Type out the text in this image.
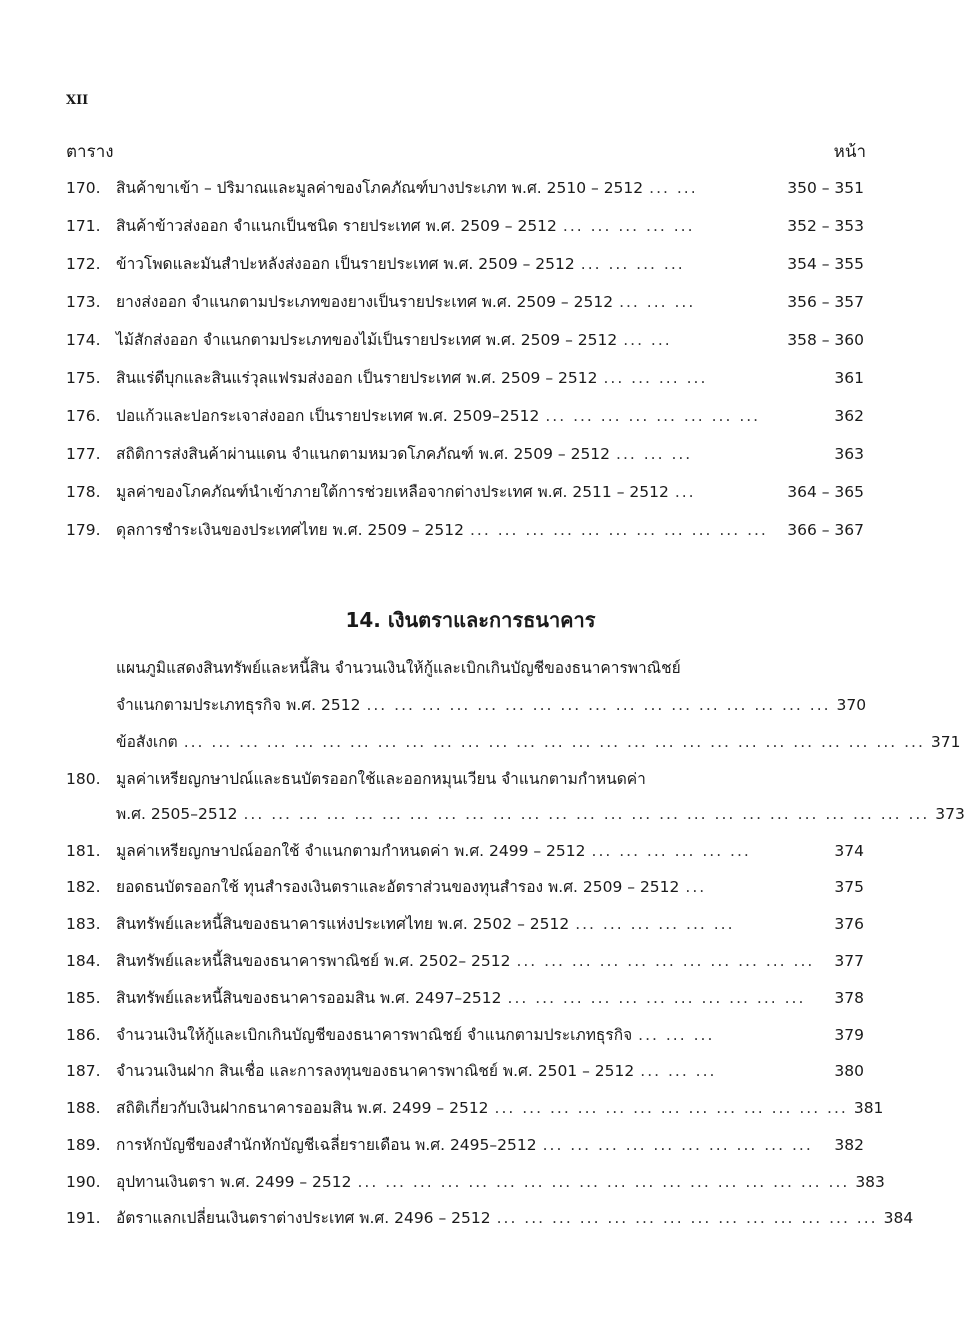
XII
ตาราง	หน้า
170. สินค้าขาเข้า – ปริมาณและมูลค่าของโภคภัณฑ์บางประเภท พ.ศ. 2510 – 2512 ... ...	350 – 351
171. สินค้าข้าวส่งออก จำแนกเป็นชนิด รายประเทศ พ.ศ. 2509 – 2512 ... ... ... ... ...	352 – 353
172. ข้าวโพดและมันสำปะหลังส่งออก เป็นรายประเทศ พ.ศ. 2509 – 2512 ... ... ... ...	354 – 355
173. ยางส่งออก จำแนกตามประเภทของยางเป็นรายประเทศ พ.ศ. 2509 – 2512 ... ... ...	356 – 357
174. ไม้สักส่งออก จำแนกตามประเภทของไม้เป็นรายประเทศ พ.ศ. 2509 – 2512 ... ...	358 – 360
175. สินแร่ดีบุกและสินแร่วุลแฟรมส่งออก เป็นรายประเทศ พ.ศ. 2509 – 2512 ... ... ... ...	361
176. ปอแก้วและปอกระเจาส่งออก เป็นรายประเทศ พ.ศ. 2509–2512 ... ... ... ... ... ... ... ...	362
177. สถิติการส่งสินค้าผ่านแดน จำแนกตามหมวดโภคภัณฑ์ พ.ศ. 2509 – 2512 ... ... ...	363
178. มูลค่าของโภคภัณฑ์นำเข้าภายใต้การช่วยเหลือจากต่างประเทศ พ.ศ. 2511 – 2512 ...	364 – 365
179. ดุลการชำระเงินของประเทศไทย พ.ศ. 2509 – 2512 ... ... ... ... ... ... ... ... ... ... ...	366 – 367
14. เงินตราและการธนาคาร
แผนภูมิแสดงสินทรัพย์และหนี้สิน จำนวนเงินให้กู้และเบิกเกินบัญชีของธนาคารพาณิชย์
จำแนกตามประเภทธุรกิจ พ.ศ. 2512 ... ... ... ... ... ... ... ... ... ... ... ... ... ... ... ... ... 370
ข้อสังเกต ... ... ... ... ... ... ... ... ... ... ... ... ... ... ... ... ... ... ... ... ... ... ... ... ... ... ... 371
180. มูลค่าเหรียญกษาปณ์และธนบัตรออกใช้และออกหมุนเวียน จำแนกตามกำหนดค่า
พ.ศ. 2505–2512 ... ... ... ... ... ... ... ... ... ... ... ... ... ... ... ... ... ... ... ... ... ... ... ... ... 373
181. มูลค่าเหรียญกษาปณ์ออกใช้ จำแนกตามกำหนดค่า พ.ศ. 2499 – 2512 ... ... ... ... ... ...	374
182. ยอดธนบัตรออกใช้ ทุนสำรองเงินตราและอัตราส่วนของทุนสำรอง พ.ศ. 2509 – 2512 ...	375
183. สินทรัพย์และหนี้สินของธนาคารแห่งประเทศไทย พ.ศ. 2502 – 2512 ... ... ... ... ... ...	376
184. สินทรัพย์และหนี้สินของธนาคารพาณิชย์ พ.ศ. 2502– 2512 ... ... ... ... ... ... ... ... ... ... ...	377
185. สินทรัพย์และหนี้สินของธนาคารออมสิน พ.ศ. 2497–2512 ... ... ... ... ... ... ... ... ... ... ...	378
186. จำนวนเงินให้กู้และเบิกเกินบัญชีของธนาคารพาณิชย์ จำแนกตามประเภทธุรกิจ ... ... ...	379
187. จำนวนเงินฝาก สินเชื่อ และการลงทุนของธนาคารพาณิชย์ พ.ศ. 2501 – 2512 ... ... ...	380
188. สถิติเกี่ยวกับเงินฝากธนาคารออมสิน พ.ศ. 2499 – 2512 ... ... ... ... ... ... ... ... ... ... ... ... ... 381
189. การหักบัญชีของสำนักหักบัญชีเฉลี่ยรายเดือน พ.ศ. 2495–2512 ... ... ... ... ... ... ... ... ... ...	382
190. อุปทานเงินตรา พ.ศ. 2499 – 2512 ... ... ... ... ... ... ... ... ... ... ... ... ... ... ... ... ... ... 383
191. อัตราแลกเปลี่ยนเงินตราต่างประเทศ พ.ศ. 2496 – 2512 ... ... ... ... ... ... ... ... ... ... ... ... ... ... 384
